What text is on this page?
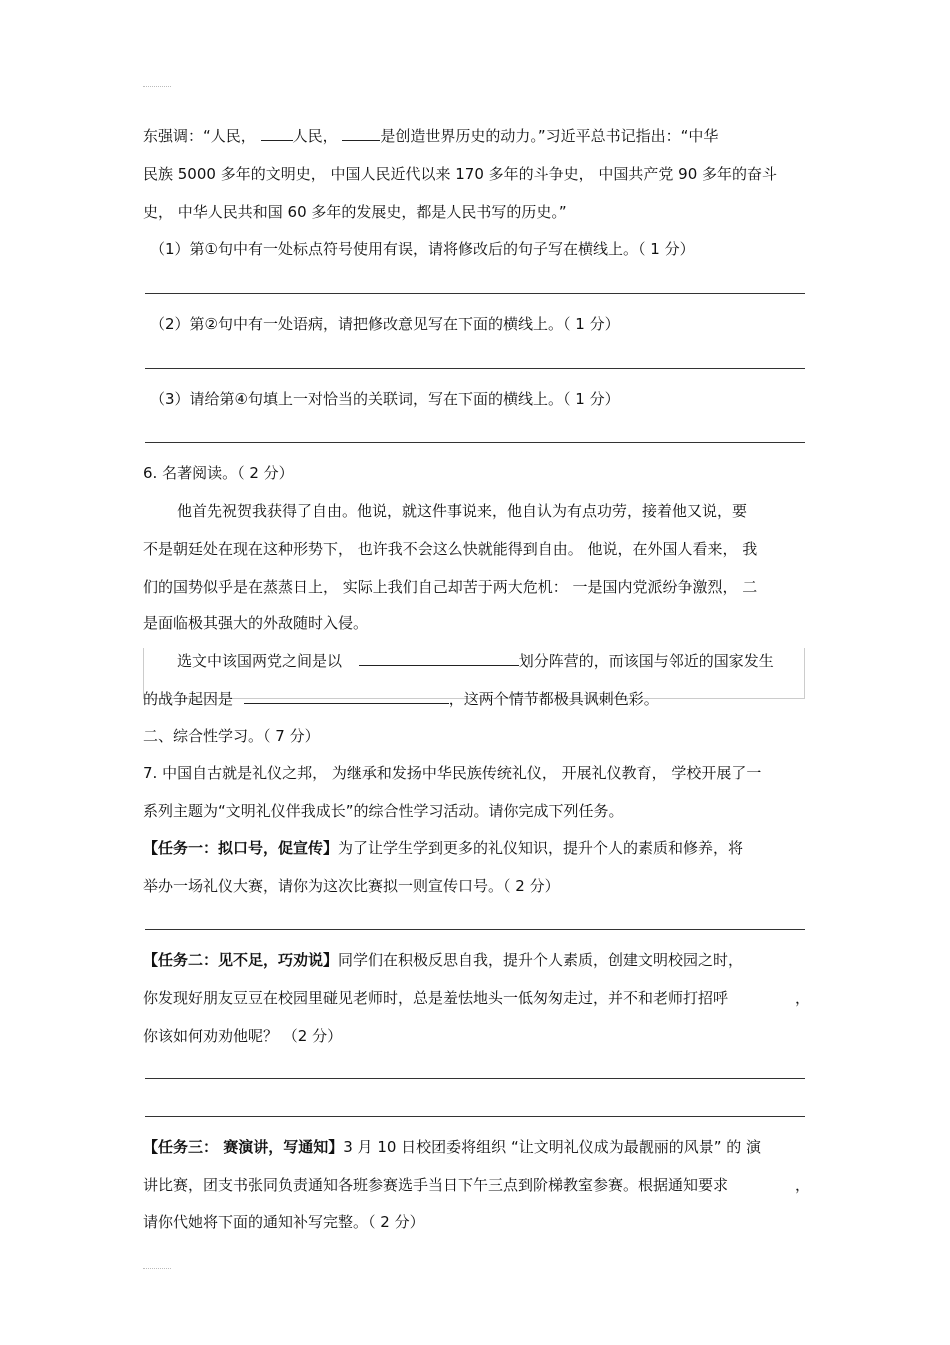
东强调：“人民， 人民，	是创造世界历史的动力。”习近平总书记指出：“中华
民族 5000 多年的文明史， 中国人民近代以来 170 多年的斗争史， 中国共产党 90 多年的奋斗
史， 中华人民共和国 60 多年的发展史，都是人民书写的历史。”
（1）第①句中有一处标点符号使用有误，请将修改后的句子写在横线上。（ 1 分）
（2）第②句中有一处语病，请把修改意见写在下面的横线上。（ 1 分）
（3）请给第④句填上一对恰当的关联词，写在下面的横线上。（ 1 分）
6. 名著阅读。（ 2 分）
他首先祝贺我获得了自由。他说，就这件事说来，他自认为有点功劳，接着他又说，要
不是朝廷处在现在这种形势下， 也许我不会这么快就能得到自由。 他说，在外国人看来， 我
们的国势似乎是在蒸蒸日上， 实际上我们自己却苦于两大危机： 一是国内党派纷争激烈， 二
是面临极其强大的外敌随时入侵。
选文中该国两党之间是以	划分阵营的，而该国与邻近的国家发生
的战争起因是	，这两个情节都极具讽刺色彩。
二、综合性学习。（ 7 分）
7. 中国自古就是礼仪之邦， 为继承和发扬中华民族传统礼仪， 开展礼仪教育， 学校开展了一
系列主题为“文明礼仪伴我成长”的综合性学习活动。请你完成下列任务。
【任务一：拟口号，促宣传】为了让学生学到更多的礼仪知识，提升个人的素质和修养，将
举办一场礼仪大赛，请你为这次比赛拟一则宣传口号。（ 2 分）
【任务二：见不足，巧劝说】同学们在积极反思自我，提升个人素质，创建文明校园之时，
你发现好朋友豆豆在校园里碰见老师时，总是羞怯地头一低匆匆走过，并不和老师打招呼	，
你该如何劝劝他呢？ （2 分）
【任务三： 赛演讲，写通知】3 月 10 日校团委将组织 “让文明礼仪成为最靓丽的风景” 的 演
讲比赛，团支书张同负责通知各班参赛选手当日下午三点到阶梯教室参赛。根据通知要求	，
请你代她将下面的通知补写完整。（ 2 分）
